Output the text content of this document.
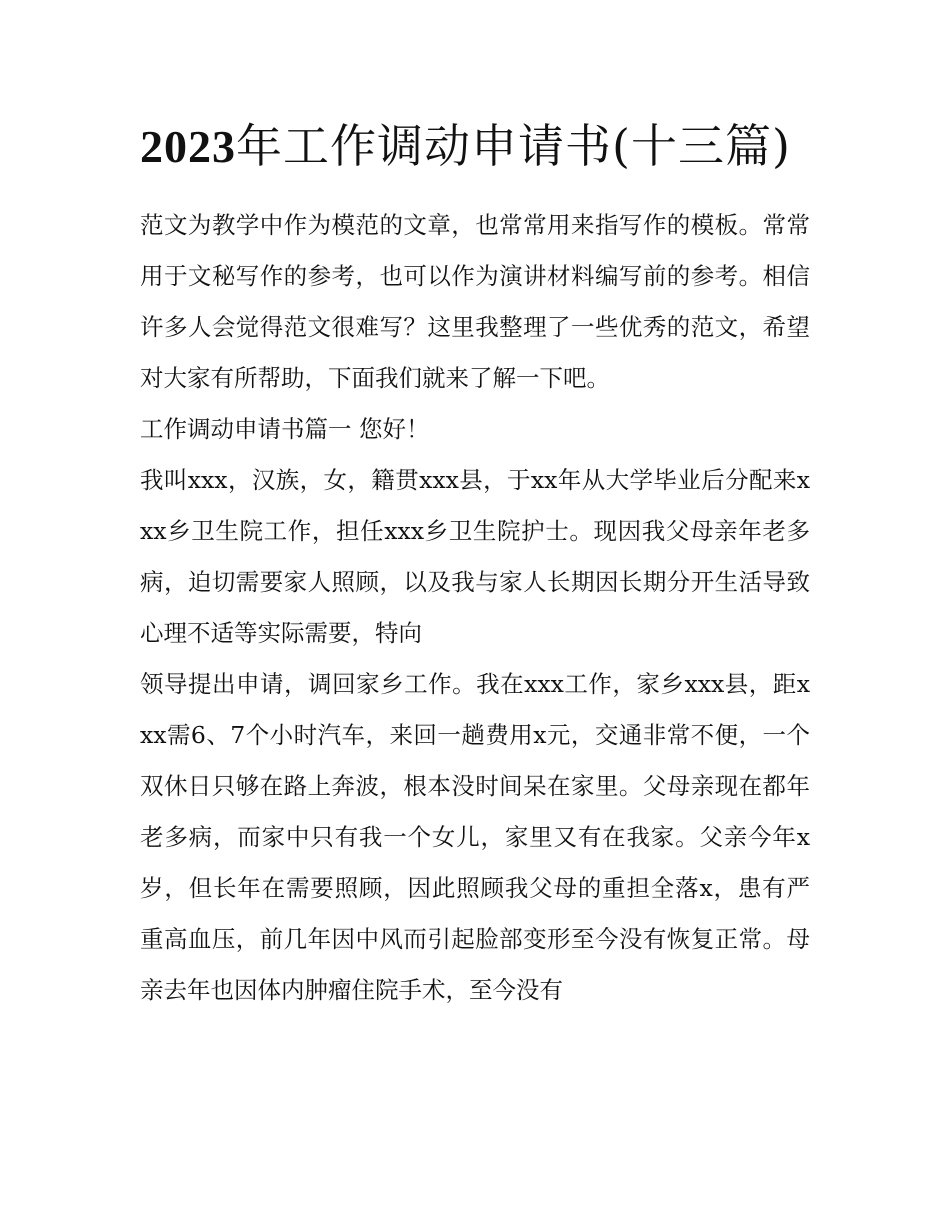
2023年工作调动申请书(十三篇)

范文为教学中作为模范的文章，也常常用来指写作的模板。常常用于文秘写作的参考，也可以作为演讲材料编写前的参考。相信许多人会觉得范文很难写？这里我整理了一些优秀的范文，希望对大家有所帮助，下面我们就来了解一下吧。

工作调动申请书篇一 您好！

我叫xxx，汉族，女，籍贯xxx县，于xx年从大学毕业后分配来xxx乡卫生院工作，担任xxx乡卫生院护士。现因我父母亲年老多病，迫切需要家人照顾，以及我与家人长期因长期分开生活导致心理不适等实际需要，特向

领导提出申请，调回家乡工作。我在xxx工作，家乡xxx县，距xxx需6、7个小时汽车，来回一趟费用x元，交通非常不便，一个双休日只够在路上奔波，根本没时间呆在家里。父母亲现在都年老多病，而家中只有我一个女儿，家里又有在我家。父亲今年x岁，但长年在需要照顾，因此照顾我父母的重担全落x，患有严重高血压，前几年因中风而引起脸部变形至今没有恢复正常。母亲去年也因体内肿瘤住院手术，至今没有
